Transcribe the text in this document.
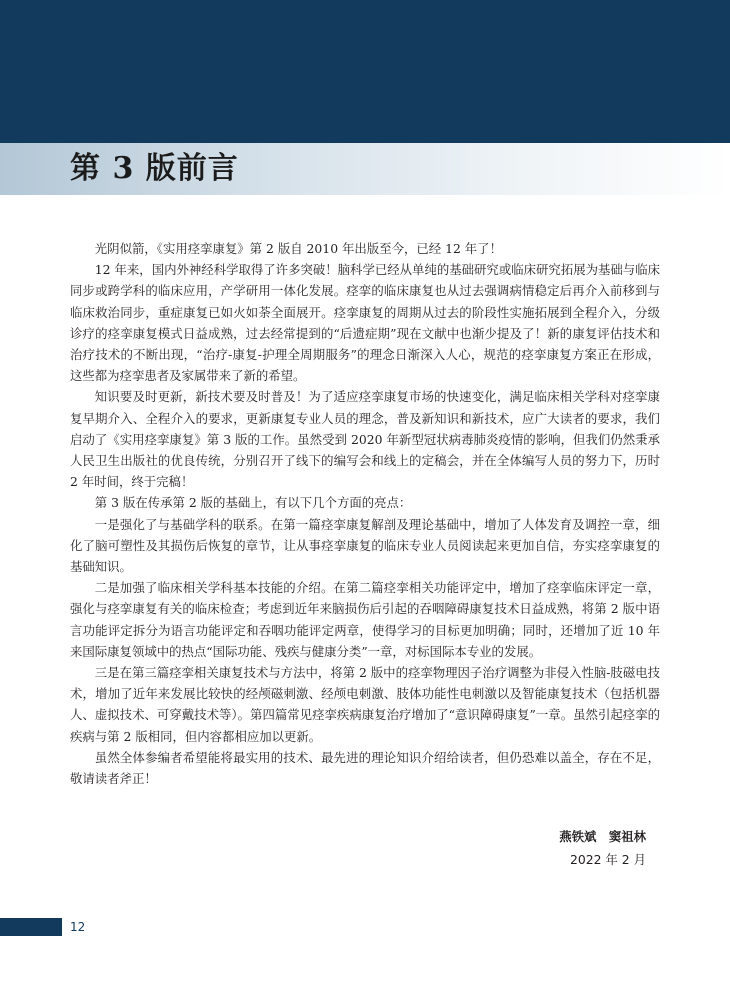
第 3 版前言

光阴似箭，《实用痉挛康复》第 2 版自 2010 年出版至今，已经 12 年了！

12 年来，国内外神经科学取得了许多突破！脑科学已经从单纯的基础研究或临床研究拓展为基础与临床同步或跨学科的临床应用，产学研用一体化发展。痉挛的临床康复也从过去强调病情稳定后再介入前移到与临床救治同步，重症康复已如火如荼全面展开。痉挛康复的周期从过去的阶段性实施拓展到全程介入，分级诊疗的痉挛康复模式日益成熟，过去经常提到的“后遗症期”现在文献中也渐少提及了！新的康复评估技术和治疗技术的不断出现，“治疗-康复-护理全周期服务”的理念日渐深入人心，规范的痉挛康复方案正在形成，这些都为痉挛患者及家属带来了新的希望。

知识要及时更新，新技术要及时普及！为了适应痉挛康复市场的快速变化，满足临床相关学科对痉挛康复早期介入、全程介入的要求，更新康复专业人员的理念，普及新知识和新技术，应广大读者的要求，我们启动了《实用痉挛康复》第 3 版的工作。虽然受到 2020 年新型冠状病毒肺炎疫情的影响，但我们仍然秉承人民卫生出版社的优良传统，分别召开了线下的编写会和线上的定稿会，并在全体编写人员的努力下，历时 2 年时间，终于完稿！

第 3 版在传承第 2 版的基础上，有以下几个方面的亮点：

一是强化了与基础学科的联系。在第一篇痉挛康复解剖及理论基础中，增加了人体发育及调控一章，细化了脑可塑性及其损伤后恢复的章节，让从事痉挛康复的临床专业人员阅读起来更加自信，夯实痉挛康复的基础知识。

二是加强了临床相关学科基本技能的介绍。在第二篇痉挛相关功能评定中，增加了痉挛临床评定一章，强化与痉挛康复有关的临床检查；考虑到近年来脑损伤后引起的吞咽障碍康复技术日益成熟，将第 2 版中语言功能评定拆分为语言功能评定和吞咽功能评定两章，使得学习的目标更加明确；同时，还增加了近 10 年来国际康复领域中的热点“国际功能、残疾与健康分类”一章，对标国际本专业的发展。

三是在第三篇痉挛相关康复技术与方法中，将第 2 版中的痉挛物理因子治疗调整为非侵入性脑-肢磁电技术，增加了近年来发展比较快的经颅磁刺激、经颅电刺激、肢体功能性电刺激以及智能康复技术（包括机器人、虚拟技术、可穿戴技术等）。第四篇常见痉挛疾病康复治疗增加了“意识障碍康复”一章。虽然引起痉挛的疾病与第 2 版相同，但内容都相应加以更新。

虽然全体参编者希望能将最实用的技术、最先进的理论知识介绍给读者，但仍恐难以盖全，存在不足，敬请读者斧正！

燕铁斌　窦祖林
2022 年 2 月
12
